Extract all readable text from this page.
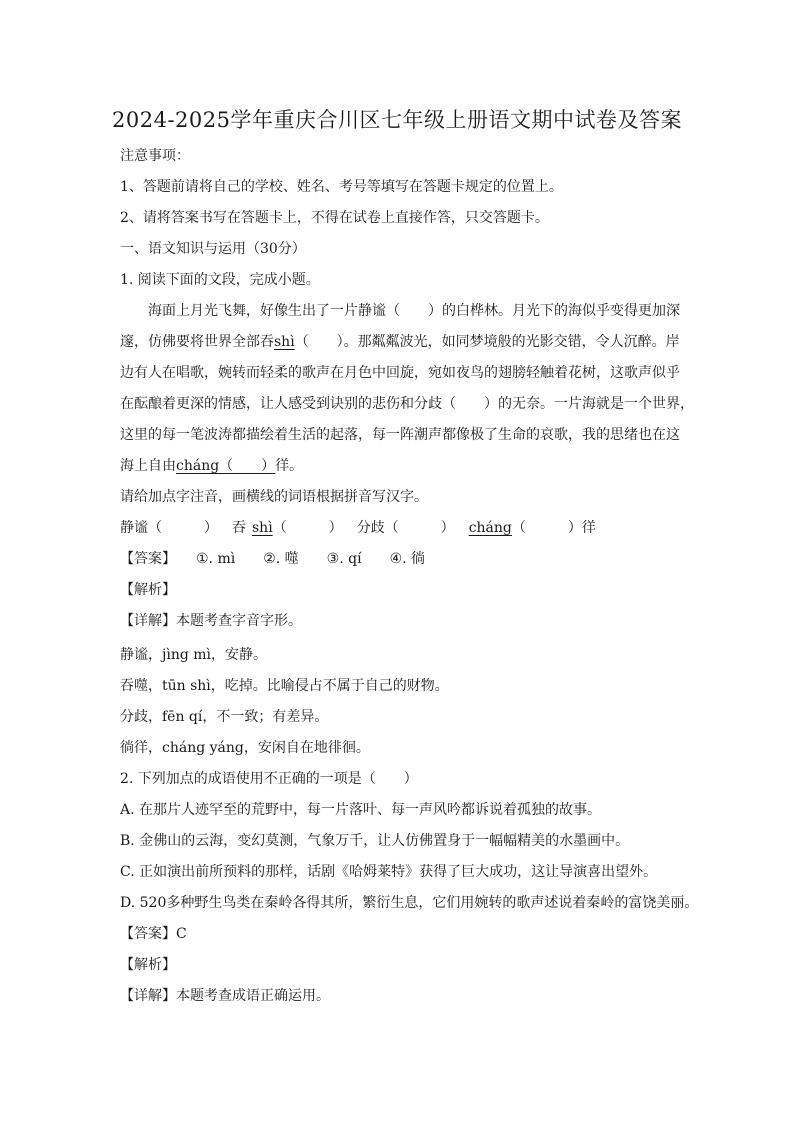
2024-2025学年重庆合川区七年级上册语文期中试卷及答案
注意事项：
1、答题前请将自己的学校、姓名、考号等填写在答题卡规定的位置上。
2、请将答案书写在答题卡上，不得在试卷上直接作答，只交答题卡。
一、语文知识与运用（30分）
1. 阅读下面的文段，完成小题。
海面上月光飞舞，好像生出了一片静谧（　　）的白桦林。月光下的海似乎变得更加深
邃，仿佛要将世界全部吞shì（　　）。那粼粼波光，如同梦境般的光影交错，令人沉醉。岸
边有人在唱歌，婉转而轻柔的歌声在月色中回旋，宛如夜鸟的翅膀轻触着花树，这歌声似乎
在酝酿着更深的情感，让人感受到诀别的悲伤和分歧（　　）的无奈。一片海就是一个世界，
这里的每一笔波涛都描绘着生活的起落，每一阵潮声都像极了生命的哀歌，我的思绪也在这
海上自由cháng（　　）徉。
请给加点字注音，画横线的词语根据拼音写汉字。
静谧（　　　） 吞 shì（　　　） 分歧（　　　） cháng（　　　）徉
【答案】 ①. mì ②. 噬 ③. qí ④. 徜
【解析】
【详解】本题考查字音字形。
静谧，jìng mì，安静。
吞噬，tūn shì，吃掉。比喻侵占不属于自己的财物。
分歧，fēn qí，不一致；有差异。
徜徉，cháng yáng，安闲自在地徘徊。
2. 下列加点的成语使用不正确的一项是（　　）
A. 在那片人迹罕至的荒野中，每一片落叶、每一声风吟都诉说着孤独的故事。
B. 金佛山的云海，变幻莫测，气象万千，让人仿佛置身于一幅幅精美的水墨画中。
C. 正如演出前所预料的那样，话剧《哈姆莱特》获得了巨大成功，这让导演喜出望外。
D. 520多种野生鸟类在秦岭各得其所，繁衍生息，它们用婉转的歌声述说着秦岭的富饶美丽。
【答案】C
【解析】
【详解】本题考查成语正确运用。
